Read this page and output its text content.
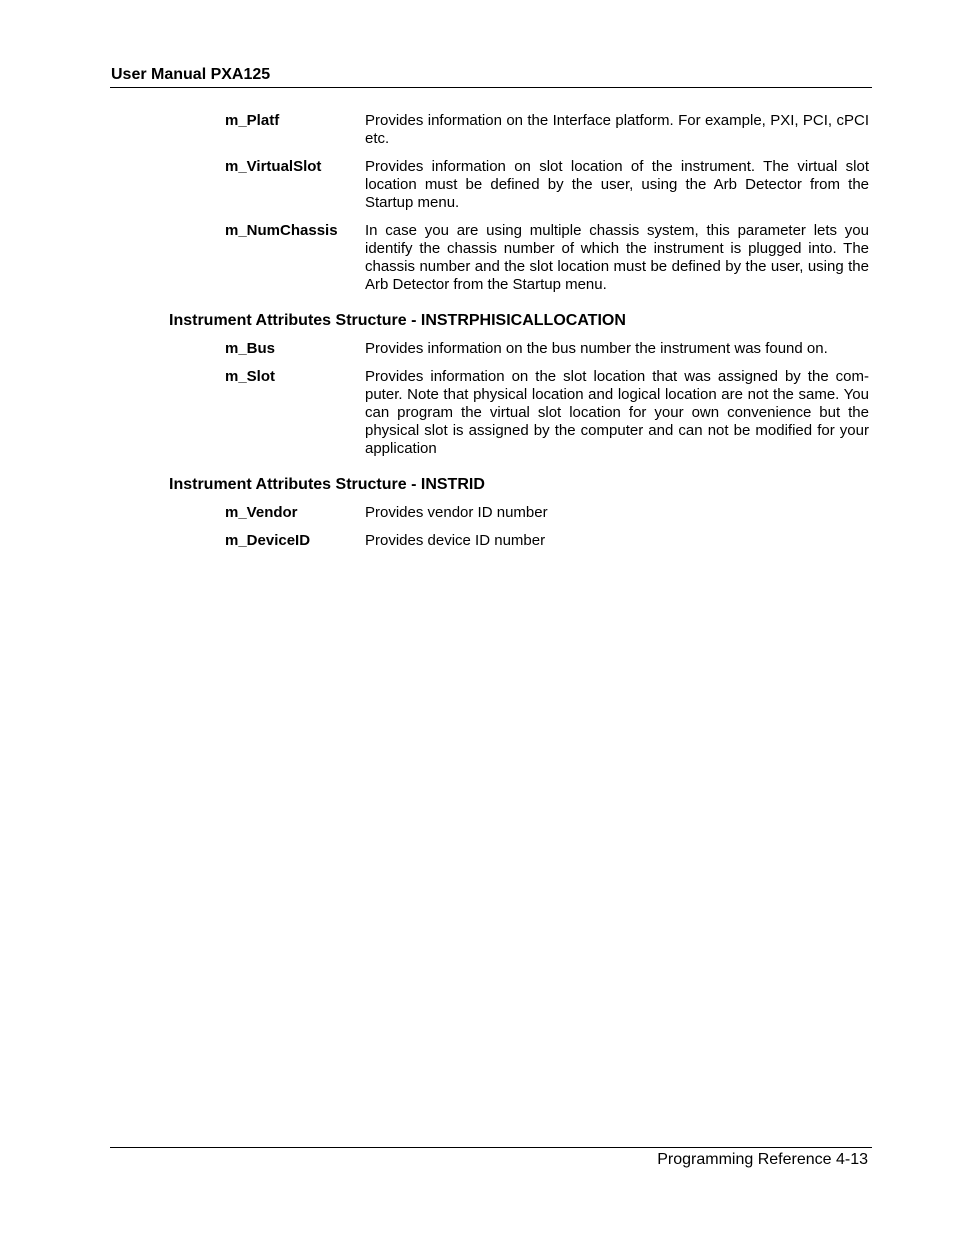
User Manual PXA125
m_Platf	Provides information on the Interface platform. For example, PXI, PCI, cPCI etc.

m_VirtualSlot	Provides information on slot location of the instrument. The virtual slot location must be defined by the user, using the Arb Detector from the Startup menu.

m_NumChassis	In case you are using multiple chassis system, this parameter lets you identify the chassis number of which the instrument is plugged into. The chassis number and the slot location must be defined by the user, using the Arb Detector from the Startup menu.

Instrument Attributes Structure - INSTRPHISICALLOCATION
m_Bus	Provides information on the bus number the instrument was found on.

m_Slot	Provides information on the slot location that was assigned by the com-puter. Note that physical location and logical location are not the same. You can program the virtual slot location for your own convenience but the physical slot is assigned by the computer and can not be modified for your application

Instrument Attributes Structure - INSTRID
m_Vendor	Provides vendor ID number

m_DeviceID	Provides device ID number

Programming Reference 4-13
